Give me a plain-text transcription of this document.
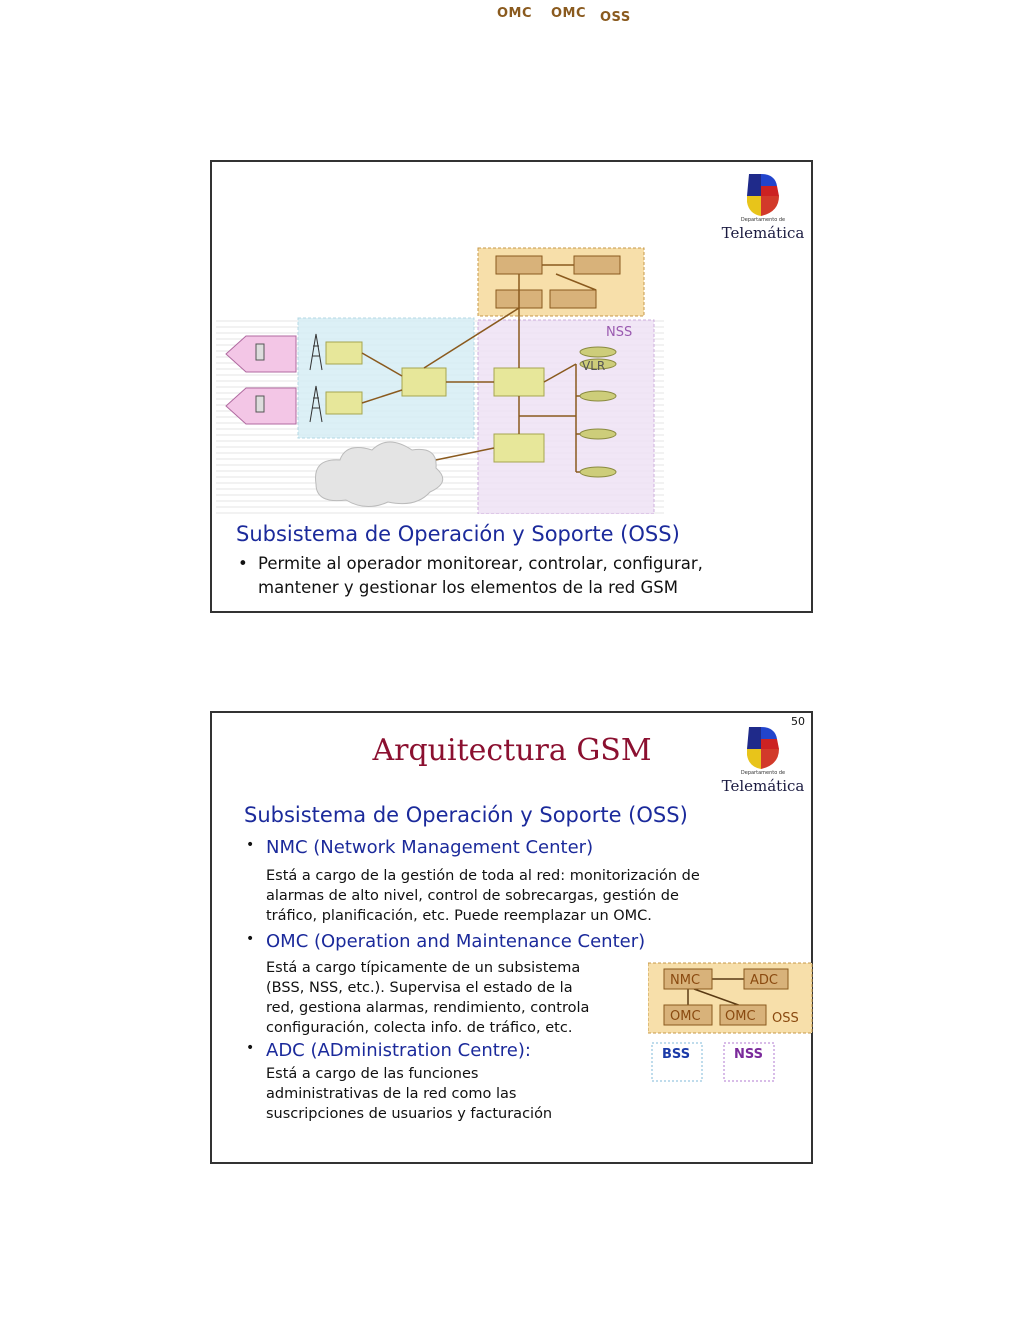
OMC OMC OSS
Departamento de
Telemática
NSS
VLR
Subsistema de Operación y Soporte (OSS)
• Permite al operador monitorear, controlar, configurar, mantener y gestionar los elementos de la red GSM
50
Departamento de
Telemática
Arquitectura GSM
Subsistema de Operación y Soporte (OSS)
• NMC (Network Management Center)
Está a cargo de la gestión de toda al red: monitorización de
alarmas de alto nivel, control de sobrecargas, gestión de
tráfico, planificación, etc. Puede reemplazar un OMC.
• OMC (Operation and Maintenance Center)
Está a cargo típicamente de un subsistema
(BSS, NSS, etc.). Supervisa el estado de la
red, gestiona alarmas, rendimiento, controla
configuración, colecta info. de tráfico, etc.
• ADC (ADministration Centre):
Está a cargo de las funciones
administrativas de la red como las
suscripciones de usuarios y facturación
NMC	ADC
OMC OMC OSS
BSS	NSS
